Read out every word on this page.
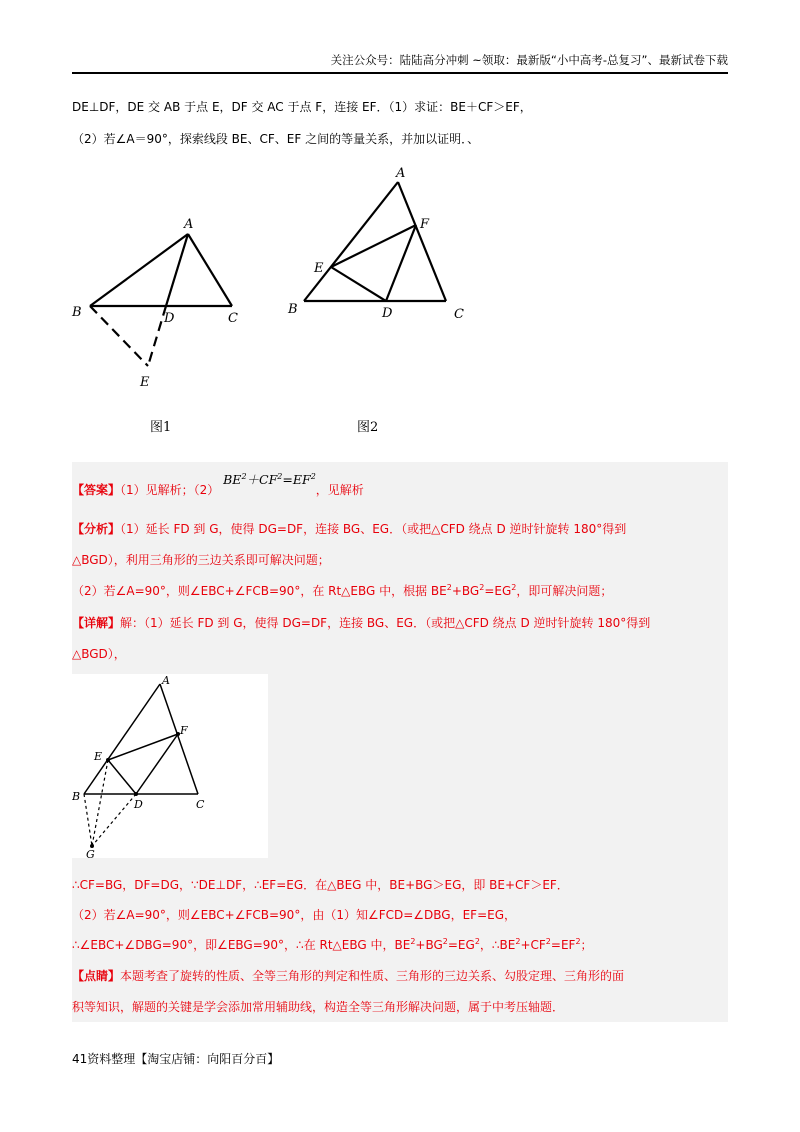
关注公众号：陆陆高分冲刺 ~领取：最新版“小中高考-总复习”、最新试卷下载
DE⊥DF，DE 交 AB 于点 E，DF 交 AC 于点 F，连接 EF．（1）求证：BE＋CF＞EF，
（2）若∠A＝90°，探索线段 BE、CF、EF 之间的等量关系，并加以证明．、
A
B	C
D
E
图1
A
B	C
D
E
F
图2
【答案】（1）见解析；（2） $BE^2+CF^2=EF^2$，见解析
【分析】（1）延长 FD 到 G，使得 DG=DF，连接 BG、EG．（或把△CFD 绕点 D 逆时针旋转 180°得到
△BGD），利用三角形的三边关系即可解决问题；
（2）若∠A=90°，则∠EBC+∠FCB=90°，在 Rt△EBG 中，根据 $BE^2+BG^2=EG^2$，即可解决问题；
【详解】解：（1）延长 FD 到 G，使得 DG=DF，连接 BG、EG．（或把△CFD 绕点 D 逆时针旋转 180°得到
△BGD），
A
B
C
D
E
F
G
∴CF=BG，DF=DG，∵DE⊥DF，∴EF=EG．在△BEG 中，BE+BG＞EG，即 BE+CF＞EF．
（2）若∠A=90°，则∠EBC+∠FCB=90°，由（1）知∠FCD=∠DBG，EF=EG，
∴∠EBC+∠DBG=90°，即∠EBG=90°，∴在 Rt△EBG 中，$BE^2+BG^2=EG^2$，$\therefore BE^2+CF^2=EF^2$；
【点睛】本题考查了旋转的性质、全等三角形的判定和性质、三角形的三边关系、勾股定理、三角形的面
积等知识，解题的关键是学会添加常用辅助线，构造全等三角形解决问题，属于中考压轴题．
41资料整理【淘宝店铺：向阳百分百】
